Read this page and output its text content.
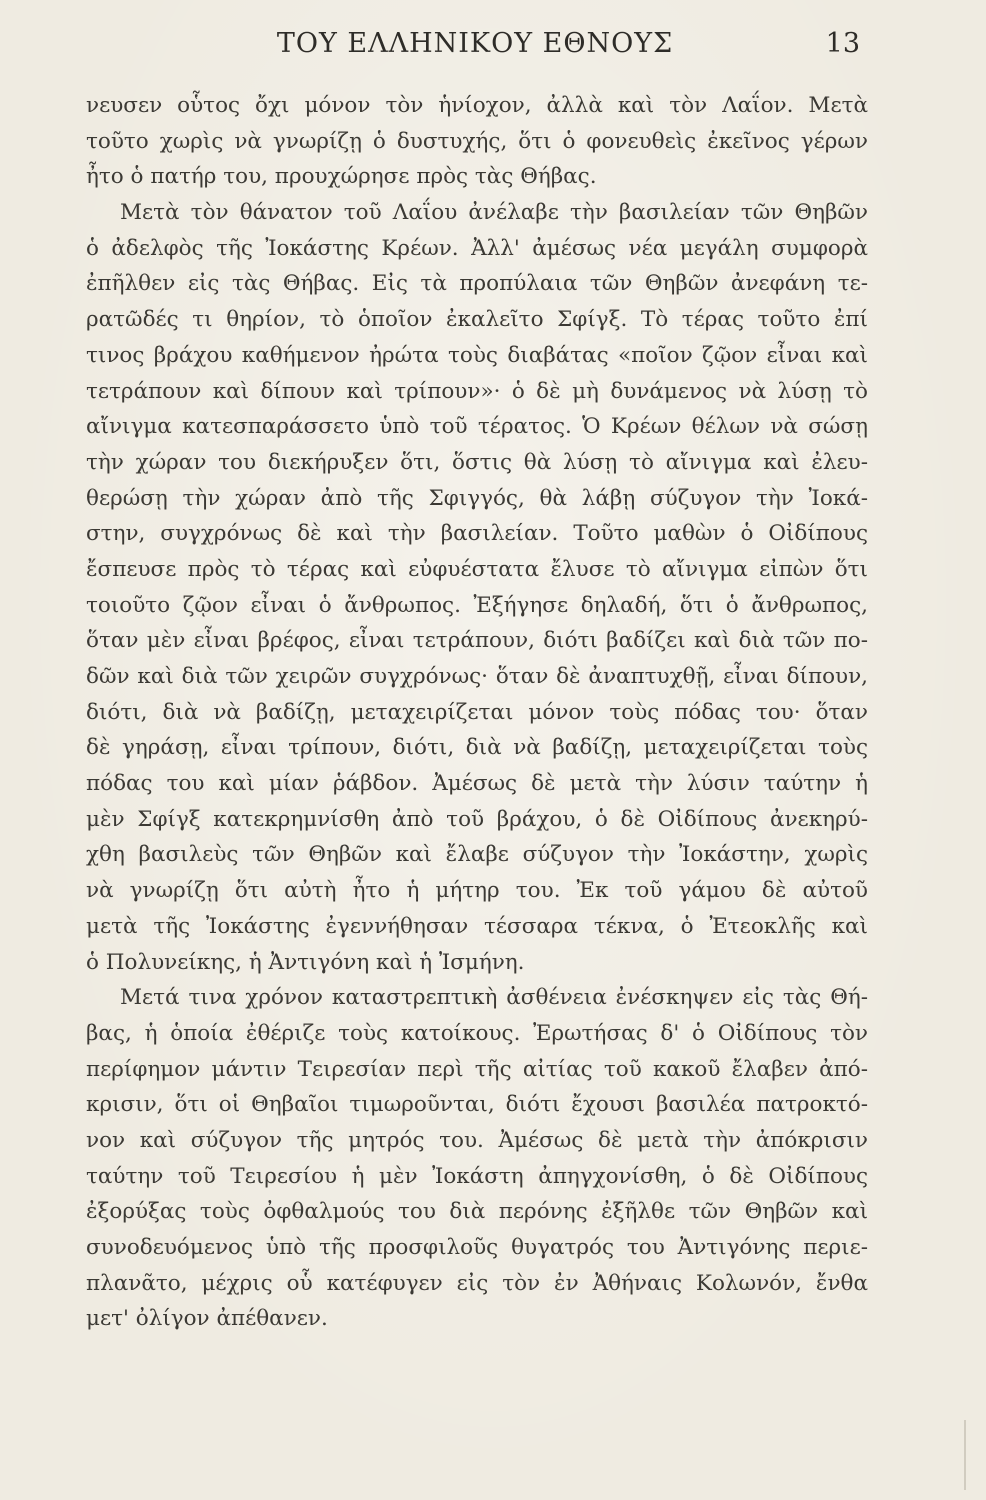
ΤΟΥ ΕΛΛΗΝΙΚΟΥ ΕΘΝΟΥΣ	13
νευσεν οὗτος ὄχι μόνον τὸν ἡνίοχον, ἀλλὰ καὶ τὸν Λαΐον. Μετὰ
τοῦτο χωρὶς νὰ γνωρίζῃ ὁ δυστυχής, ὅτι ὁ φονευθεὶς ἐκεῖνος γέρων
ἦτο ὁ πατήρ του, προυχώρησε πρὸς τὰς Θήβας.
Μετὰ τὸν θάνατον τοῦ Λαΐου ἀνέλαβε τὴν βασιλείαν τῶν Θηβῶν
ὁ ἀδελφὸς τῆς Ἰοκάστης Κρέων. Ἀλλ' ἀμέσως νέα μεγάλη συμφορὰ
ἐπῆλθεν εἰς τὰς Θήβας. Εἰς τὰ προπύλαια τῶν Θηβῶν ἀνεφάνη τε-
ρατῶδές τι θηρίον, τὸ ὁποῖον ἐκαλεῖτο Σφίγξ. Τὸ τέρας τοῦτο ἐπί
τινος βράχου καθήμενον ἠρώτα τοὺς διαβάτας «ποῖον ζῷον εἶναι καὶ
τετράπουν καὶ δίπουν καὶ τρίπουν»· ὁ δὲ μὴ δυνάμενος νὰ λύσῃ τὸ
αἴνιγμα κατεσπαράσσετο ὑπὸ τοῦ τέρατος. Ὁ Κρέων θέλων νὰ σώσῃ
τὴν χώραν του διεκήρυξεν ὅτι, ὅστις θὰ λύσῃ τὸ αἴνιγμα καὶ ἐλευ-
θερώσῃ τὴν χώραν ἀπὸ τῆς Σφιγγός, θὰ λάβῃ σύζυγον τὴν Ἰοκά-
στην, συγχρόνως δὲ καὶ τὴν βασιλείαν. Τοῦτο μαθὼν ὁ Οἰδίπους
ἔσπευσε πρὸς τὸ τέρας καὶ εὐφυέστατα ἔλυσε τὸ αἴνιγμα εἰπὼν ὅτι
τοιοῦτο ζῷον εἶναι ὁ ἄνθρωπος. Ἐξήγησε δηλαδή, ὅτι ὁ ἄνθρωπος,
ὅταν μὲν εἶναι βρέφος, εἶναι τετράπουν, διότι βαδίζει καὶ διὰ τῶν πο-
δῶν καὶ διὰ τῶν χειρῶν συγχρόνως· ὅταν δὲ ἀναπτυχθῇ, εἶναι δίπουν,
διότι, διὰ νὰ βαδίζῃ, μεταχειρίζεται μόνον τοὺς πόδας του· ὅταν
δὲ γηράσῃ, εἶναι τρίπουν, διότι, διὰ νὰ βαδίζῃ, μεταχειρίζεται τοὺς
πόδας του καὶ μίαν ῥάβδον. Ἀμέσως δὲ μετὰ τὴν λύσιν ταύτην ἡ
μὲν Σφίγξ κατεκρημνίσθη ἀπὸ τοῦ βράχου, ὁ δὲ Οἰδίπους ἀνεκηρύ-
χθη βασιλεὺς τῶν Θηβῶν καὶ ἔλαβε σύζυγον τὴν Ἰοκάστην, χωρὶς
νὰ γνωρίζῃ ὅτι αὐτὴ ἦτο ἡ μήτηρ του. Ἐκ τοῦ γάμου δὲ αὐτοῦ
μετὰ τῆς Ἰοκάστης ἐγεννήθησαν τέσσαρα τέκνα, ὁ Ἐτεοκλῆς καὶ
ὁ Πολυνείκης, ἡ Ἀντιγόνη καὶ ἡ Ἰσμήνη.
Μετά τινα χρόνον καταστρεπτικὴ ἀσθένεια ἐνέσκηψεν εἰς τὰς Θή-
βας, ἡ ὁποία ἐθέριζε τοὺς κατοίκους. Ἐρωτήσας δ' ὁ Οἰδίπους τὸν
περίφημον μάντιν Τειρεσίαν περὶ τῆς αἰτίας τοῦ κακοῦ ἔλαβεν ἀπό-
κρισιν, ὅτι οἱ Θηβαῖοι τιμωροῦνται, διότι ἔχουσι βασιλέα πατροκτό-
νον καὶ σύζυγον τῆς μητρός του. Ἀμέσως δὲ μετὰ τὴν ἀπόκρισιν
ταύτην τοῦ Τειρεσίου ἡ μὲν Ἰοκάστη ἀπηγχονίσθη, ὁ δὲ Οἰδίπους
ἐξορύξας τοὺς ὀφθαλμούς του διὰ περόνης ἐξῆλθε τῶν Θηβῶν καὶ
συνοδευόμενος ὑπὸ τῆς προσφιλοῦς θυγατρός του Ἀντιγόνης περιε-
πλανᾶτο, μέχρις οὗ κατέφυγεν εἰς τὸν ἐν Ἀθήναις Κολωνόν, ἔνθα
μετ' ὀλίγον ἀπέθανεν.
